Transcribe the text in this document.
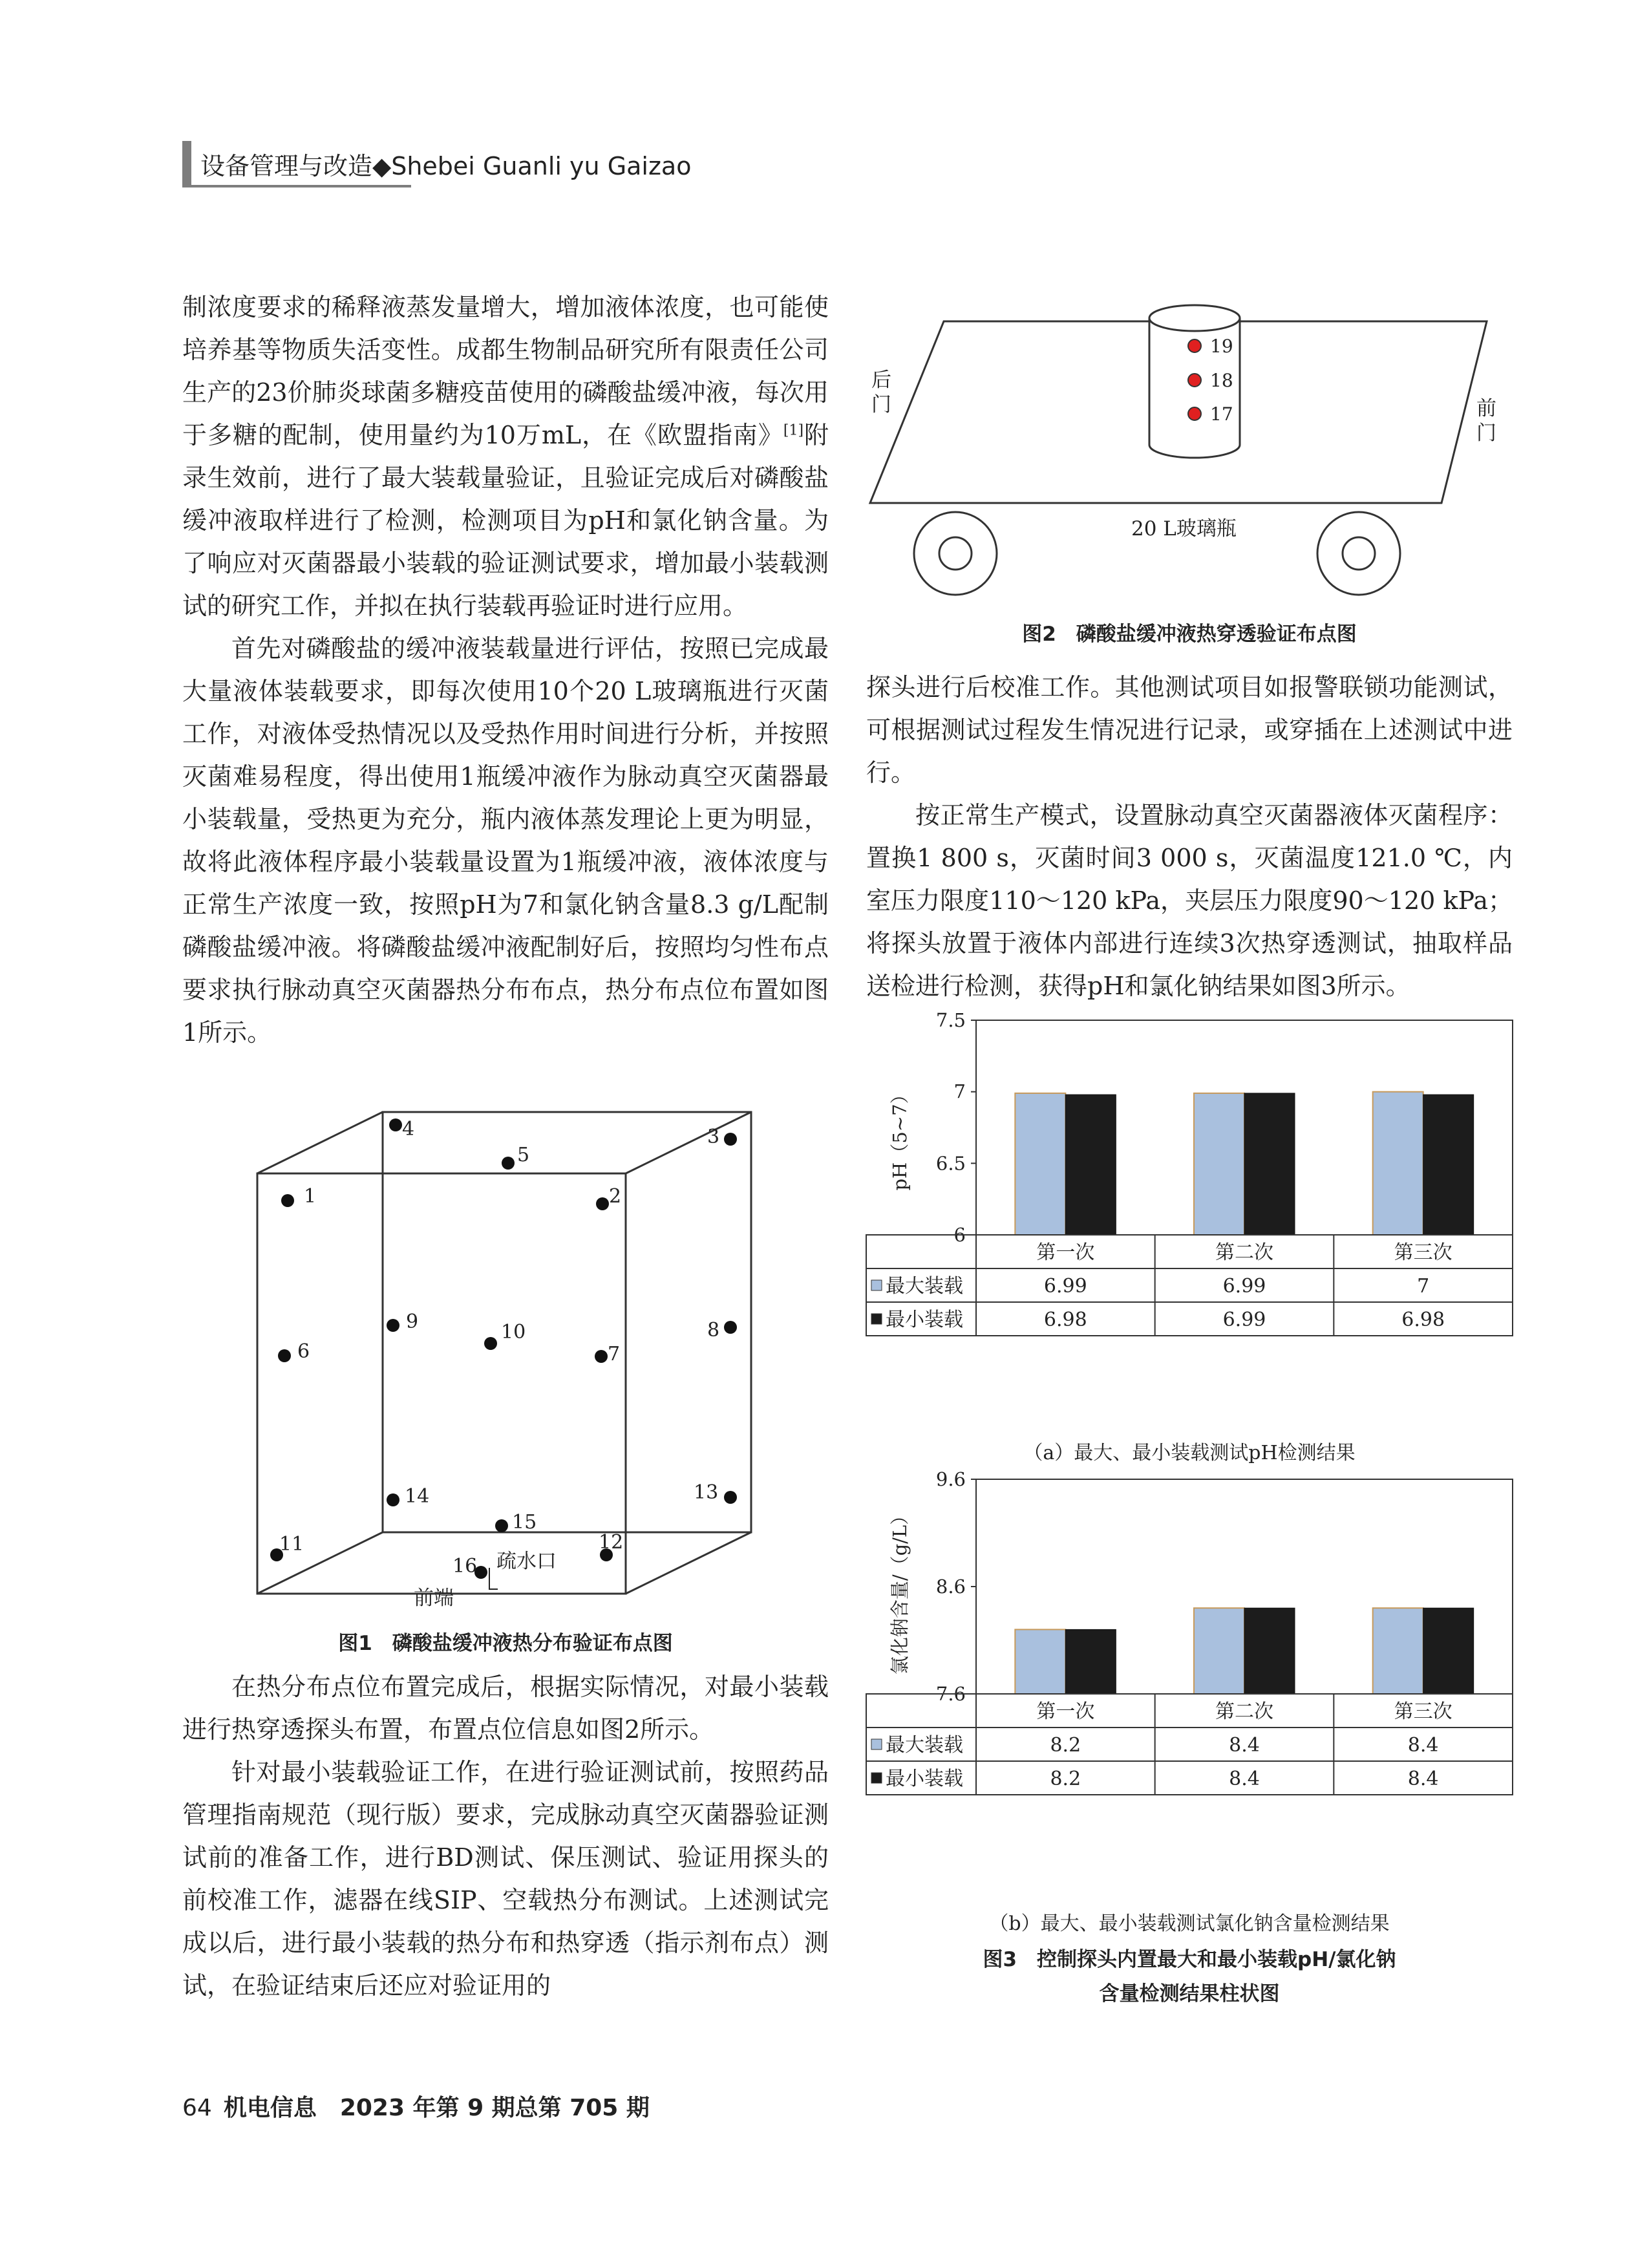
设备管理与改造◆Shebei Guanli yu Gaizao

制浓度要求的稀释液蒸发量增大，增加液体浓度，也可能使培养基等物质失活变性。成都生物制品研究所有限责任公司生产的23价肺炎球菌多糖疫苗使用的磷酸盐缓冲液，每次用于多糖的配制，使用量约为10万mL，在《欧盟指南》[1]附录生效前，进行了最大装载量验证，且验证完成后对磷酸盐缓冲液取样进行了检测，检测项目为pH和氯化钠含量。为了响应对灭菌器最小装载的验证测试要求，增加最小装载测试的研究工作，并拟在执行装载再验证时进行应用。

首先对磷酸盐的缓冲液装载量进行评估，按照已完成最大量液体装载要求，即每次使用10个20 L玻璃瓶进行灭菌工作，对液体受热情况以及受热作用时间进行分析，并按照灭菌难易程度，得出使用1瓶缓冲液作为脉动真空灭菌器最小装载量，受热更为充分，瓶内液体蒸发理论上更为明显，故将此液体程序最小装载量设置为1瓶缓冲液，液体浓度与正常生产浓度一致，按照pH为7和氯化钠含量8.3 g/L配制磷酸盐缓冲液。将磷酸盐缓冲液配制好后，按照均匀性布点要求执行脉动真空灭菌器热分布布点，热分布点位布置如图1所示。

1	2
3
4
5
6	7
8
9	10
11	12
13
14
15
16 疏水口
前端
图1　磷酸盐缓冲液热分布验证布点图

在热分布点位布置完成后，根据实际情况，对最小装载进行热穿透探头布置，布置点位信息如图2所示。

针对最小装载验证工作，在进行验证测试前，按照药品管理指南规范（现行版）要求，完成脉动真空灭菌器验证测试前的准备工作，进行BD测试、保压测试、验证用探头的前校准工作，滤器在线SIP、空载热分布测试。上述测试完成以后，进行最小装载的热分布和热穿透（指示剂布点）测试，在验证结束后还应对验证用的

19
18
17
后门	前门
20 L玻璃瓶
图2　磷酸盐缓冲液热穿透验证布点图

探头进行后校准工作。其他测试项目如报警联锁功能测试，可根据测试过程发生情况进行记录，或穿插在上述测试中进行。

按正常生产模式，设置脉动真空灭菌器液体灭菌程序：置换1 800 s，灭菌时间3 000 s，灭菌温度121.0 ℃，内室压力限度110～120 kPa，夹层压力限度90～120 kPa；将探头放置于液体内部进行连续3次热穿透测试，抽取样品送检进行检测，获得pH和氯化钠结果如图3所示。

6
6.5
7
7.5
pH（5~7）
第一次	第二次	第三次
最大装载	6.99	6.99	7
最小装载	6.98	6.99	6.98
（a）最大、最小装载测试pH检测结果
7.6
8.6
9.6
氯化钠含量/（g/L）
第一次	第二次	第三次
最大装载	8.2	8.4	8.4
最小装载	8.2	8.4	8.4
（b）最大、最小装载测试氯化钠含量检测结果
图3　控制探头内置最大和最小装载pH/氯化钠
含量检测结果柱状图
64 机电信息　2023 年第 9 期总第 705 期
